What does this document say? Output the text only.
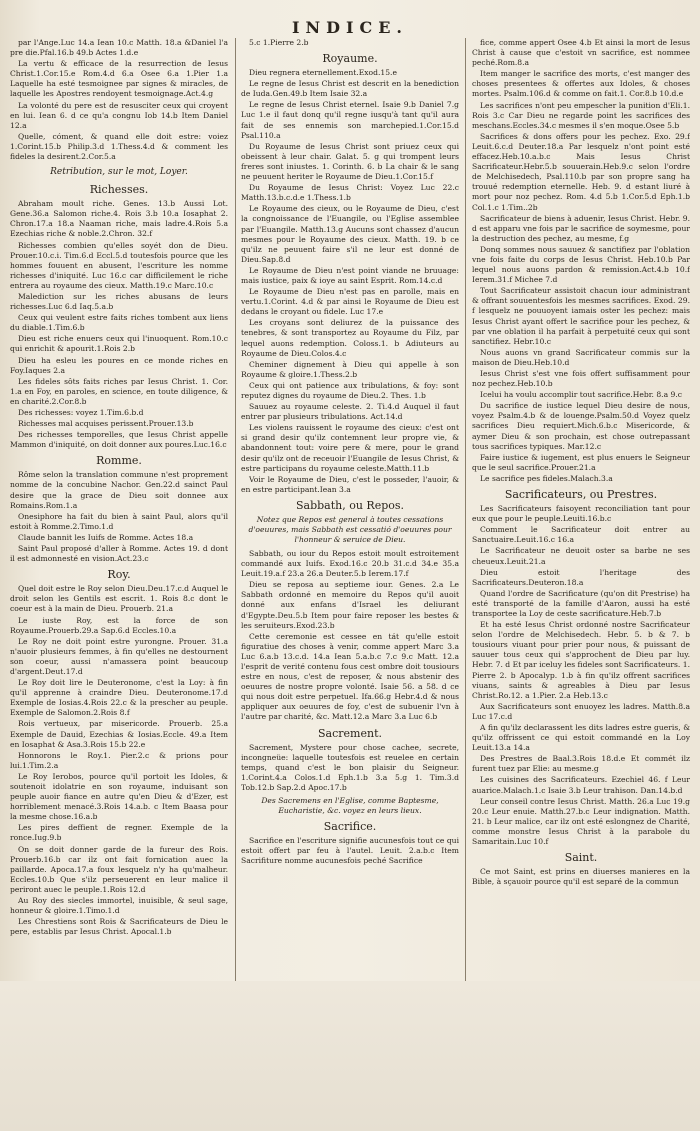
INDICE.

par l'Ange.Luc 14.a Iean 10.c Matth. 18.a &Daniel l'a pre die.Pfal.16.b 49.b Actes 1.d.e

La vertu & efficace de la resurrection de Iesus Christ.1.Cor.15.e Rom.4.d 6.a Osee 6.a 1.Pier 1.a Laquelle ha esté tesmoignee par signes & miracles, de laquelle les Apostres rendoyent tesmoignage.Act.4.g

La volonté du pere est de resusciter ceux qui croyent en lui. Iean 6. d ce qu'a congnu Iob 14.b Item Daniel 12.a

Quelle, cóment, & quand elle doit estre: voiez 1.Corint.15.b Philip.3.d 1.Thess.4.d & comment les fideles la desirent.2.Cor.5.a

Retribution, sur le mot, Loyer.
Richesses.

Abraham moult riche. Genes. 13.b Aussi Lot. Gene.36.a Salomon riche.4. Rois 3.b 10.a Iosaphat 2. Chron.17.a 18.a Naaman riche, mais ladre.4.Rois 5.a Ezechias riche & noble.2.Chron. 32.f

Richesses combien qu'elles soyét don de Dieu. Prouer.10.c.i. Tim.6.d Eccl.5.d toutesfois pource que les hommes fouuent en abusent, l'escriture les nomme richesses d'iniquité. Luc 16.c car difficilement le riche entrera au royaume des cieux. Matth.19.c Marc.10.c

Malediction sur les riches abusans de leurs richesses.Luc 6.d Iaq.5.a.b

Ceux qui veulent estre faits riches tombent aux liens du diable.1.Tim.6.b

Dieu est riche enuers ceux qui l'inuoquent. Rom.10.c qui enrichit & apourit.1.Rois 2.b

Dieu ha esleu les poures en ce monde riches en Foy.Iaques 2.a

Les fideles sôts faits riches par Iesus Christ. 1. Cor. 1.a en Foy, en paroles, en science, en toute diligence, & en charité.2.Cor.8.b

Des richesses: voyez 1.Tim.6.b.d

Richesses mal acquises perissent.Prouer.13.b

Des richesses temporelles, que Iesus Christ appelle Mammon d'iniquité, on doit donner aux poures.Luc.16.c

Romme.

Rôme selon la translation commune n'est proprement nomme de la concubine Nachor. Gen.22.d sainct Paul desire que la grace de Dieu soit donnee aux Romains.Rom.1.a

Onesiphore ha fait du bien à saint Paul, alors qu'il estoit à Romme.2.Timo.1.d

Claude bannit les Iuifs de Romme. Actes 18.a

Saint Paul proposé d'aller à Romme. Actes 19. d dont il est admonnesté en vision.Act.23.c

Roy.

Quel doit estre le Roy selon Dieu.Deu.17.c.d Auquel le droit selon les Gentils est escrit. 1. Rois 8.c dont le coeur est à la main de Dieu. Prouerb. 21.a

Le iuste Roy, est la force de son Royaume.Prouerb.29.a Sap.6.d Eccles.10.a

Le Roy ne doit point estre yurongne. Prouer. 31.a n'auoir plusieurs femmes, à fin qu'elles ne destournent son coeur, aussi n'amassera point beaucoup d'argent.Deut.17.d

Le Roy doit lire le Deuteronome, c'est la Loy: à fin qu'il apprenne à craindre Dieu. Deuteronome.17.d Exemple de Iosias.4.Rois 22.c & la prescher au peuple. Exemple de Salomon.2.Rois 8.f

Rois vertueux, par misericorde. Prouerb. 25.a Exemple de Dauid, Ezechias & Iosias.Eccle. 49.a Item en Iosaphat & Asa.3.Rois 15.b 22.e

Honnorons le Roy.1. Pier.2.c & prions pour lui.1.Tim.2.a

Le Roy Ierobos, pource qu'il portoit les Idoles, & soutenoit idolatrie en son royaume, induisant son peuple auoir fiance en autre qu'en Dieu & d'Ezer, est horriblement menacé.3.Rois 14.a.b. c Item Baasa pour la mesme chose.16.a.b

Les pires deffient de regner. Exemple de la ronce.Iug.9.b

On se doit donner garde de la fureur des Rois. Prouerb.16.b car ilz ont fait fornication auec la paillarde. Apoca.17.a foux lesquelz n'y ha qu'malheur. Eccles.10.b Que s'ilz perseuerent en leur malice il periront auec le peuple.1.Rois 12.d

Au Roy des siecles immortel, inuisible, & seul sage, honneur & gloire.1.Timo.1.d

Les Chrestiens sont Rois & Sacrificateurs de Dieu le pere, establis par Iesus Christ. Apocal.1.b

5.c 1.Pierre 2.b

Royaume.

Dieu regnera eternellement.Exod.15.e

Le regne de Iesus Christ est descrit en la benediction de Iuda.Gen.49.b Item Isaie 32.a

Le regne de Iesus Christ eternel. Isaie 9.b Daniel 7.g Luc 1.e il faut donq qu'il regne iusqu'à tant qu'il aura fait de ses ennemis son marchepied.1.Cor.15.d Psal.110.a

Du Royaume de Iesus Christ sont priuez ceux qui obeissent à leur chair. Galat. 5. g qui trompent leurs freres sont iniustes. 1. Corinth. 6. b La chair & le sang ne peuuent heriter le Royaume de Dieu.1.Cor.15.f

Du Royaume de Iesus Christ: Voyez Luc 22.c Matth.13.b.c.d.e 1.Thess.1.b

Le Royaume des cieux, ou le Royaume de Dieu, c'est la congnoissance de l'Euangile, ou l'Eglise assemblee par l'Euangile. Matth.13.g Aucuns sont chassez d'aucun mesmes pour le Royaume des cieux. Matth. 19. b ce qu'ilz ne peuuent faire s'il ne leur est donné de Dieu.Sap.8.d

Le Royaume de Dieu n'est point viande ne bruuage: mais iustice, paix & ioye au saint Esprit. Rom.14.c.d

Le Royaume de Dieu n'est pas en parolle, mais en vertu.1.Corint. 4.d & par ainsi le Royaume de Dieu est dedans le croyant ou fidele. Luc 17.e

Les croyans sont deliurez de la puissance des tenebres, & sont transportez au Royaume du Filz, par lequel auons redemption. Coloss.1. b Adiuteurs au Royaume de Dieu.Colos.4.c

Cheminer dignement à Dieu qui appelle à son Royaume & gloire.1.Thess.2.b

Ceux qui ont patience aux tribulations, & foy: sont reputez dignes du royaume de Dieu.2. Thes. 1.b

Sauuez au royaume celeste. 2. Ti.4.d Auquel il faut entrer par plusieurs tribulations. Act.14.d

Les violens rauissent le royaume des cieux: c'est ont si grand desir qu'ilz contemnent leur propre vie, & abandonnent tout: voire pere & mere, pour le grand desir qu'ilz ont de receuoir l'Euangile de Iesus Christ, & estre participans du royaume celeste.Matth.11.b

Voir le Royaume de Dieu, c'est le posseder, l'auoir, & en estre participant.Iean 3.a

Sabbath, ou Repos.

Notez que Repos est general à toutes cessations d'oeuures, mais Sabbath est cessatió d'oeuures pour l'honneur & seruice de Dieu.

Sabbath, ou iour du Repos estoit moult estroitement commandé aux Iuifs. Exod.16.c 20.b 31.c.d 34.e 35.a Leuit.19.a.f 23.a 26.a Deuter.5.b Ierem.17.f

Dieu se reposa au septieme iour. Genes. 2.a Le Sabbath ordonné en memoire du Repos qu'il auoit donné aux enfans d'Israel les deliurant d'Egypte.Deu.5.b Item pour faire reposer les bestes & les seruiteurs.Exod.23.b

Cette ceremonie est cessee en tát qu'elle estoit figuratiue des choses à venir, comme appert Marc 3.a Luc 6.a.b 13.c.d. 14.a Iean 5.a.b.c 7.c 9.c Matt. 12.a l'esprit de verité contenu fous cest ombre doit tousiours estre en nous, c'est de reposer, & nous abstenir des oeuures de nostre propre volonté. Isaie 56. a 58. d ce qui nous doit estre perpetuel. Ifa.66.g Hebr.4.d & nous appliquer aux oeuures de foy, c'est de subuenir l'vn à l'autre par charité, &c. Matt.12.a Marc 3.a Luc 6.b

Sacrement.

Sacrement, Mystere pour chose cachee, secrete, incongneüe: laquelle toutesfois est reuelee en certain temps, quand c'est le bon plaisir du Seigneur. 1.Corint.4.a Colos.1.d Eph.1.b 3.a 5.g 1. Tim.3.d Tob.12.b Sap.2.d Apoc.17.b

Des Sacremens en l'Eglise, comme Baptesme, Eucharistie, &c. voyez en leurs lieux.

Sacrifice.

Sacrifice en l'escriture signifie aucunesfois tout ce qui estoit offert par feu à l'autel. Leuit. 2.a.b.c Item Sacrifiture nomme aucunesfois peché Sacrifice

fice, comme appert Osee 4.b Et ainsi la mort de Iesus Christ à cause que c'estoit vn sacrifice, est nommee peché.Rom.8.a

Item manger le sacrifice des morts, c'est manger des choses presentees & offertes aux Idoles, & choses mortes. Psalm.106.d & comme on fait.1. Cor.8.b 10.d.e

Les sacrifices n'ont peu empescher la punition d'Eli.1. Rois 3.c Car Dieu ne regarde point les sacrifices des meschans.Eccles.34.c mesmes il s'en moque.Osee 5.b

Sacrifices & dons offers pour les pechez. Exo. 29.f Leuit.6.c.d Deuter.18.a Par lesquelz n'ont point esté effacez.Heb.10.a.b.c Mais Iesus Christ Sacrificateur.Hebr.5.b souuerain.Heb.9.c selon l'ordre de Melchisedech, Psal.110.b par son propre sang ha trouué redemption eternelle. Heb. 9. d estant liuré à mort pour noz pechez. Rom. 4.d 5.b 1.Cor.5.d Eph.1.b Col.1.c 1.Tim..2b

Sacrificateur de biens à aduenir, Iesus Christ. Hebr. 9. d est apparu vne fois par le sacrifice de soymesme, pour la destruction des pechez, au mesme, f.g

Donq sommes nous sauuez & sanctifiez par l'oblation vne fois faite du corps de Iesus Christ. Heb.10.b Par lequel nous auons pardon & remission.Act.4.b 10.f Ierem.31.f Michee 7.d

Tout Sacrificateur assistoit chacun iour administrant & offrant souuentesfois les mesmes sacrifices. Exod. 29. f lesquelz ne pouuoyent iamais oster les pechez: mais Iesus Christ ayant offert le sacrifice pour les pechez, & par vne oblation il ha parfait à perpetuité ceux qui sont sanctifiez. Hebr.10.c

Nous auons vn grand Sacrificateur commis sur la maison de Dieu.Heb.10.d

Iesus Christ s'est vne fois offert suffisamment pour noz pechez.Heb.10.b

Icelui ha voulu accomplir tout sacrifice.Hebr. 8.a 9.c

Du sacrifice de iustice lequel Dieu desire de nous, voyez Psalm.4.b & de louenge.Psalm.50.d Voyez quelz sacrifices Dieu requiert.Mich.6.b.c Misericorde, & aymer Dieu & son prochain, est chose outrepassant tous sacrifices typiques. Mar.12.c

Faire iustice & iugement, est plus enuers le Seigneur que le seul sacrifice.Prouer.21.a

Le sacrifice pes fideles.Malach.3.a

Sacrificateurs, ou Prestres.

Les Sacrificateurs faisoyent reconciliation tant pour eux que pour le peuple.Leuiti.16.b.c

Comment le Sacrificateur doit entrer au Sanctuaire.Leuit.16.c 16.a

Le Sacrificateur ne deuoit oster sa barbe ne ses cheueux.Leuit.21.a

Dieu estoit l'heritage des Sacrificateurs.Deuteron.18.a

Quand l'ordre de Sacrificature (qu'on dit Prestrise) ha esté transporté de la famille d'Aaron, aussi ha esté transportee la Loy de ceste sacrificature.Heb.7.b

Et ha esté Iesus Christ ordonné nostre Sacrificateur selon l'ordre de Melchisedech. Hebr. 5. b & 7. b tousiours viuant pour prier pour nous, & puissant de sauuer tous ceux qui s'approchent de Dieu par luy. Hebr. 7. d Et par iceluy les fideles sont Sacrificateurs. 1. Pierre 2. b Apocalyp. 1.b à fin qu'ilz offrent sacrifices viuans, saints & agreables à Dieu par Iesus Christ.Ro.12. a 1.Pier. 2.a Heb.13.c

Aux Sacrificateurs sont enuoyez les ladres. Matth.8.a Luc 17.c.d

A fin qu'ilz declarassent les dits ladres estre gueris, & qu'ilz offrissent ce qui estoit commandé en la Loy Leuit.13.a 14.a

Des Prestres de Baal.3.Rois 18.d.e Et commét ilz furent tuez par Elie: au mesme.g

Les cuisines des Sacrificateurs. Ezechiel 46. f Leur auarice.Malach.1.c Isaie 3.b Leur trahison. Dan.14.b.d

Leur conseil contre Iesus Christ. Matth. 26.a Luc 19.g 20.c Leur enuie. Matth.27.b.c Leur indignation. Matth. 21. b Leur malice, car ilz ont esté eslongnez de Charité, comme monstre Iesus Christ à la parabole du Samaritain.Luc 10.f

Saint.

Ce mot Saint, est prins en diuerses manieres en la Bible, à sçauoir pource qu'il est separé de la commun
